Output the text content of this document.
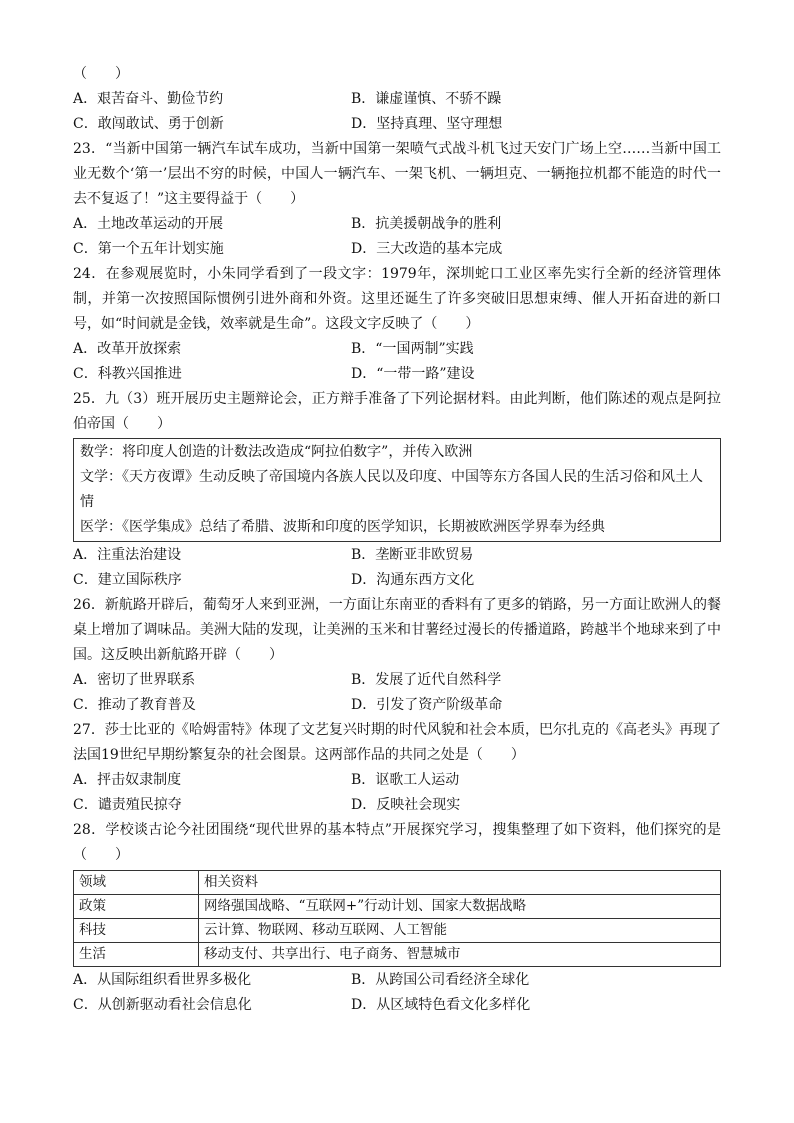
（　　）
A．艰苦奋斗、勤俭节约	B．谦虚谨慎、不骄不躁
C．敢闯敢试、勇于创新	D．坚持真理、坚守理想
23．“当新中国第一辆汽车试车成功，当新中国第一架喷气式战斗机飞过天安门广场上空……当新中国工业无数个‘第一’层出不穷的时候，中国人一辆汽车、一架飞机、一辆坦克、一辆拖拉机都不能造的时代一去不复返了！”这主要得益于（　　）
A．土地改革运动的开展	B．抗美援朝战争的胜利
C．第一个五年计划实施	D．三大改造的基本完成
24．在参观展览时，小朱同学看到了一段文字：1979年，深圳蛇口工业区率先实行全新的经济管理体制，并第一次按照国际惯例引进外商和外资。这里还诞生了许多突破旧思想束缚、催人开拓奋进的新口号，如“时间就是金钱，效率就是生命”。这段文字反映了（　　）
A．改革开放探索	B．“一国两制”实践
C．科教兴国推进	D．“一带一路”建设
25．九（3）班开展历史主题辩论会，正方辩手准备了下列论据材料。由此判断，他们陈述的观点是阿拉伯帝国（　　）
数学：将印度人创造的计数法改造成“阿拉伯数字”，并传入欧洲
文学：《天方夜谭》生动反映了帝国境内各族人民以及印度、中国等东方各国人民的生活习俗和风土人情
医学：《医学集成》总结了希腊、波斯和印度的医学知识，长期被欧洲医学界奉为经典
A．注重法治建设	B．垄断亚非欧贸易
C．建立国际秩序	D．沟通东西方文化
26．新航路开辟后，葡萄牙人来到亚洲，一方面让东南亚的香料有了更多的销路，另一方面让欧洲人的餐桌上增加了调味品。美洲大陆的发现，让美洲的玉米和甘薯经过漫长的传播道路，跨越半个地球来到了中国。这反映出新航路开辟（　　）
A．密切了世界联系	B．发展了近代自然科学
C．推动了教育普及	D．引发了资产阶级革命
27．莎士比亚的《哈姆雷特》体现了文艺复兴时期的时代风貌和社会本质，巴尔扎克的《高老头》再现了法国19世纪早期纷繁复杂的社会图景。这两部作品的共同之处是（　　）
A．抨击奴隶制度	B．讴歌工人运动
C．谴责殖民掠夺	D．反映社会现实
28．学校谈古论今社团围绕“现代世界的基本特点”开展探究学习，搜集整理了如下资料，他们探究的是（　　）
领域	相关资料
政策	网络强国战略、“互联网+”行动计划、国家大数据战略
科技	云计算、物联网、移动互联网、人工智能
生活	移动支付、共享出行、电子商务、智慧城市
A．从国际组织看世界多极化	B．从跨国公司看经济全球化
C．从创新驱动看社会信息化	D．从区域特色看文化多样化
